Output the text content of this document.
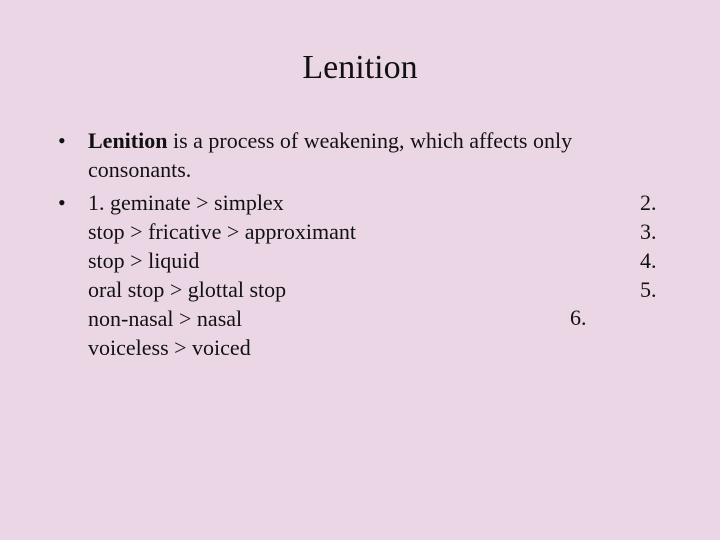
Lenition
• Lenition is a process of weakening, which affects only
consonants.
• 1. geminate > simplex
stop > fricative > approximant
stop > liquid
oral stop > glottal stop
non-nasal > nasal
voiceless > voiced
2.
3.
4.
5.
6.
